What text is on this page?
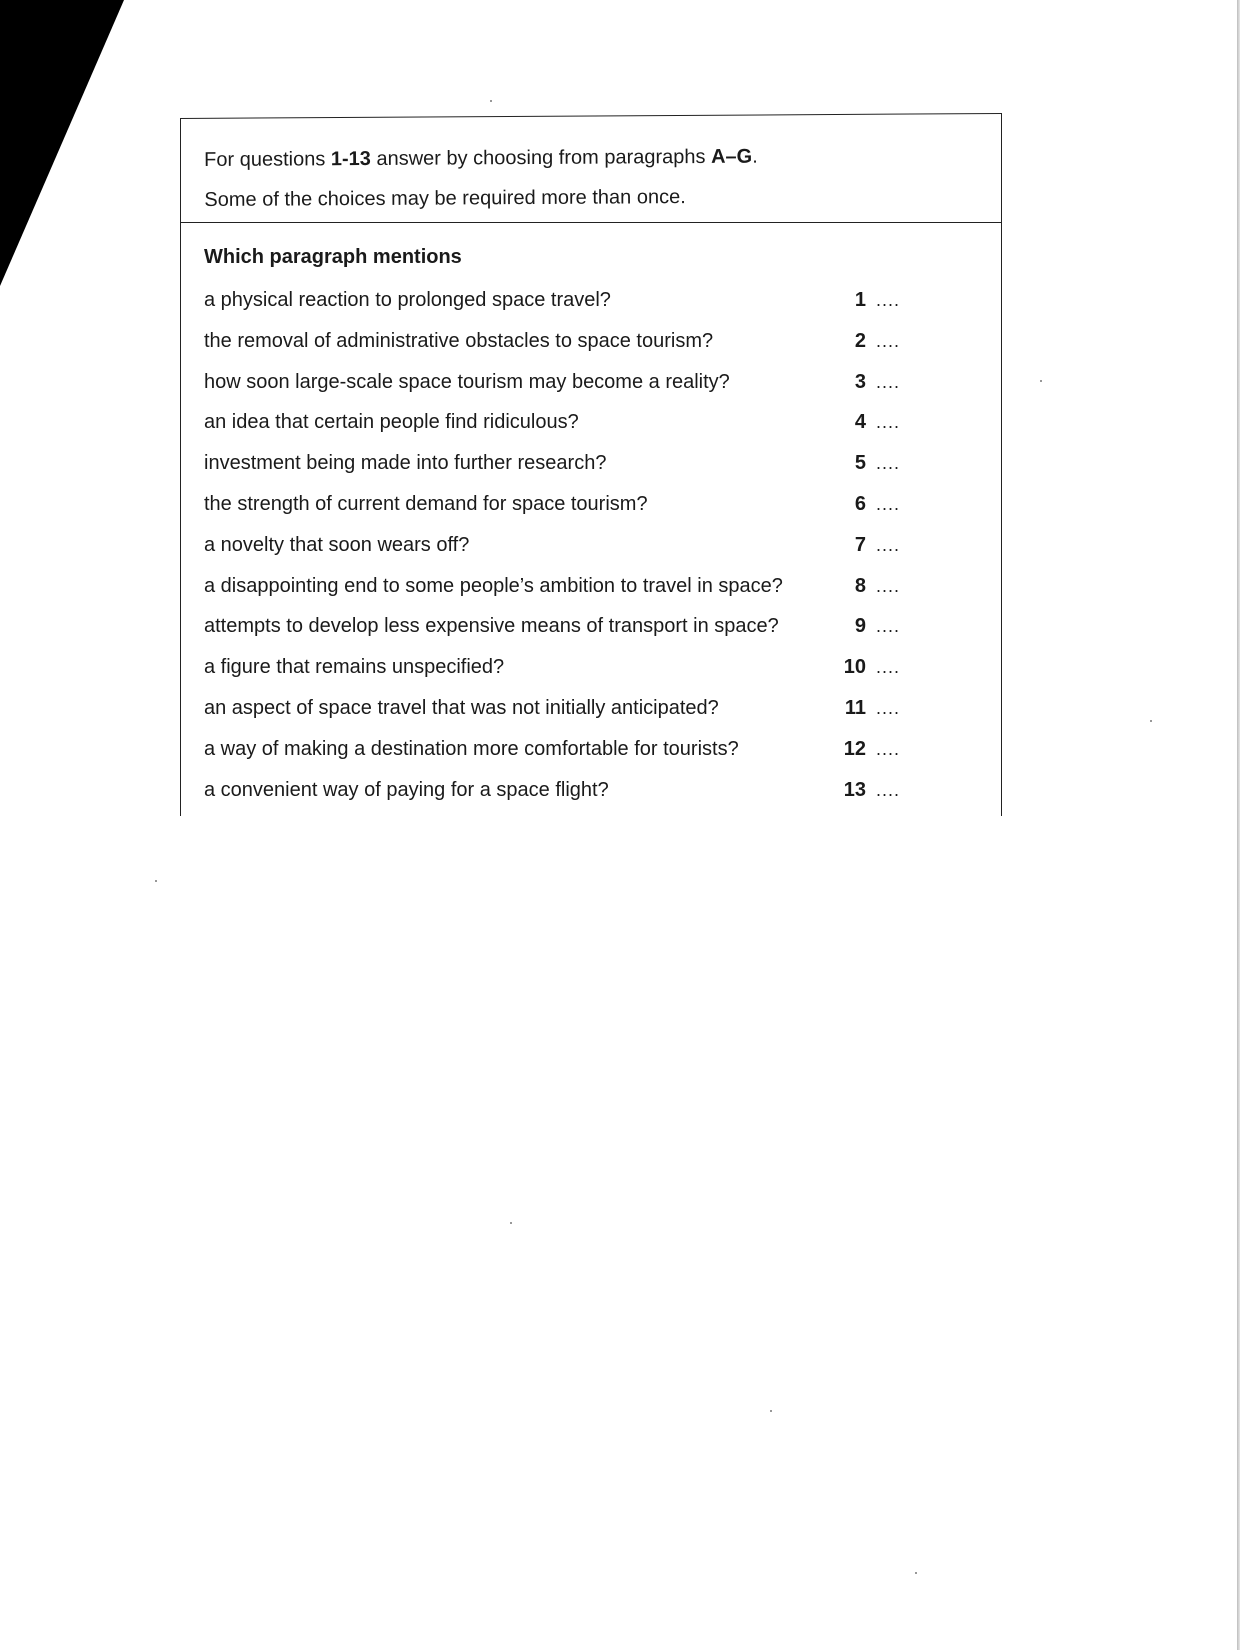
For questions 1-13 answer by choosing from paragraphs A–G.
Some of the choices may be required more than once.
Which paragraph mentions
a physical reaction to prolonged space travel?	1 ....
the removal of administrative obstacles to space tourism?	2 ....
how soon large-scale space tourism may become a reality?	3 ....
an idea that certain people find ridiculous?	4 ....
investment being made into further research?	5 ....
the strength of current demand for space tourism?	6 ....
a novelty that soon wears off?	7 ....
a disappointing end to some people’s ambition to travel in space?	8 ....
attempts to develop less expensive means of transport in space?	9 ....
a figure that remains unspecified?	10 ....
an aspect of space travel that was not initially anticipated?	11 ....
a way of making a destination more comfortable for tourists?	12 ....
a convenient way of paying for a space flight?	13 ....
